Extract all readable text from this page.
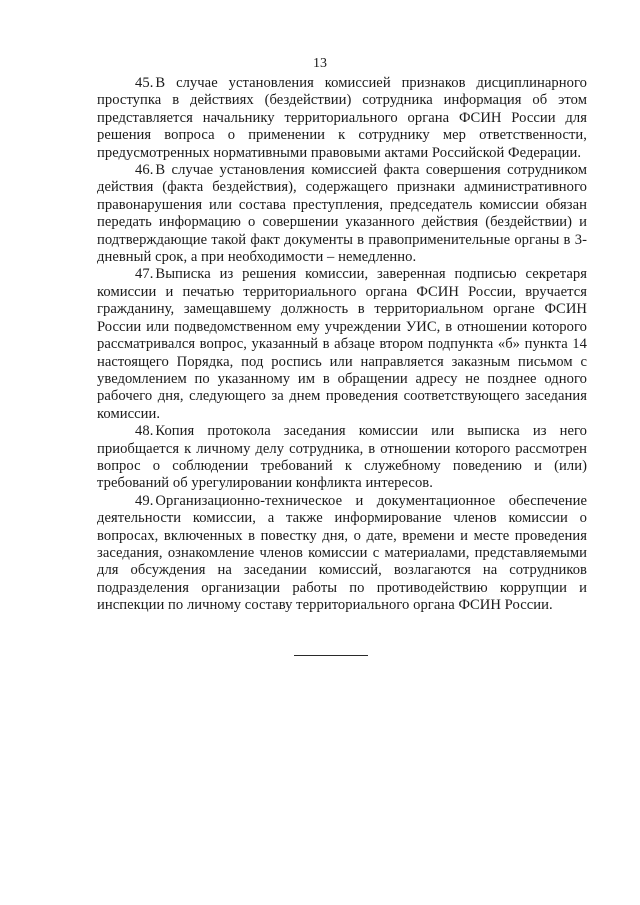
13

45. В случае установления комиссией признаков дисциплинарного проступка в действиях (бездействии) сотрудника информация об этом представляется начальнику территориального органа ФСИН России для решения вопроса о применении к сотруднику мер ответственности, предусмотренных нормативными правовыми актами Российской Федерации.

46. В случае установления комиссией факта совершения сотрудником действия (факта бездействия), содержащего признаки административного правонарушения или состава преступления, председатель комиссии обязан передать информацию о совершении указанного действия (бездействии) и подтверждающие такой факт документы в правоприменительные органы в 3-дневный срок, а при необходимости – немедленно.

47. Выписка из решения комиссии, заверенная подписью секретаря комиссии и печатью территориального органа ФСИН России, вручается гражданину, замещавшему должность в территориальном органе ФСИН России или подведомственном ему учреждении УИС, в отношении которого рассматривался вопрос, указанный в абзаце втором подпункта «б» пункта 14 настоящего Порядка, под роспись или направляется заказным письмом с уведомлением по указанному им в обращении адресу не позднее одного рабочего дня, следующего за днем проведения соответствующего заседания комиссии.

48. Копия протокола заседания комиссии или выписка из него приобщается к личному делу сотрудника, в отношении которого рассмотрен вопрос о соблюдении требований к служебному поведению и (или) требований об урегулировании конфликта интересов.

49. Организационно-техническое и документационное обеспечение деятельности комиссии, а также информирование членов комиссии о вопросах, включенных в повестку дня, о дате, времени и месте проведения заседания, ознакомление членов комиссии с материалами, представляемыми для обсуждения на заседании комиссий, возлагаются на сотрудников подразделения организации работы по противодействию коррупции и инспекции по личному составу территориального органа ФСИН России.
